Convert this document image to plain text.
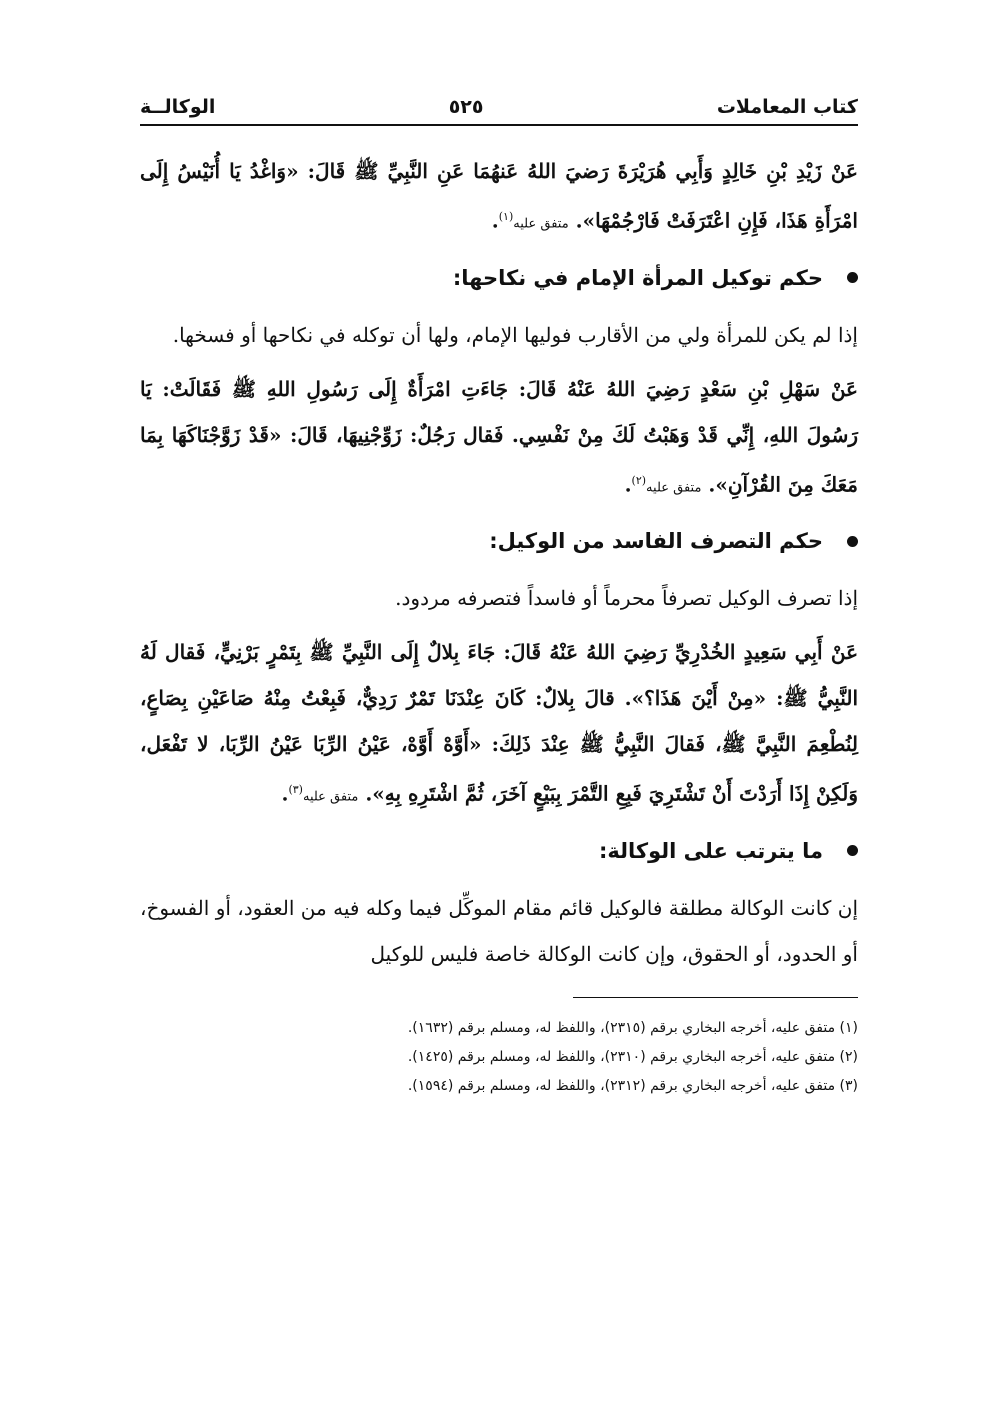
كتاب المعاملات
٥٢٥
الوكالــة

عَنْ زَيْدِ بْنِ خَالِدٍ وَأَبِي هُرَيْرَةَ رَضيَ اللهُ عَنهُمَا عَنِ النَّبِيِّ ﷺ قَالَ: «وَاغْدُ يَا أُنَيْسُ إِلَى امْرَأَةِ هَذَا، فَإِنِ اعْتَرَفَتْ فَارْجُمْهَا». متفق عليه$^{(١)}$.

حكم توكيل المرأة الإمام في نكاحها:

إذا لم يكن للمرأة ولي من الأقارب فوليها الإمام، ولها أن توكله في نكاحها أو فسخها.

عَنْ سَهْلِ بْنِ سَعْدٍ رَضِيَ اللهُ عَنْهُ قَالَ: جَاءَتِ امْرَأَةٌ إِلَى رَسُولِ اللهِ ﷺ فَقَالَتْ: يَا رَسُولَ اللهِ، إِنِّي قَدْ وَهَبْتُ لَكَ مِنْ نَفْسِي. فَقال رَجُلٌ: زَوِّجْنِيهَا، قَالَ: «قَدْ زَوَّجْنَاكَهَا بِمَا مَعَكَ مِنَ القُرْآنِ». متفق عليه$^{(٢)}$.

حكم التصرف الفاسد من الوكيل:

إذا تصرف الوكيل تصرفاً محرماً أو فاسداً فتصرفه مردود.

عَنْ أَبِي سَعِيدٍ الخُدْرِيِّ رَضِيَ اللهُ عَنْهُ قَالَ: جَاءَ بِلالٌ إِلَى النَّبِيِّ ﷺ بِتَمْرٍ بَرْنِيٍّ، فَقال لَهُ النَّبِيُّ ﷺ: «مِنْ أَيْنَ هَذَا؟». قالَ بِلالٌ: كَانَ عِنْدَنَا تَمْرٌ رَدِيٌّ، فَبِعْتُ مِنْهُ صَاعَيْنِ بِصَاعٍ، لِنُطْعِمَ النَّبِيَّ ﷺ، فَقالَ النَّبِيُّ ﷺ عِنْدَ ذَلِكَ: «أَوَّهْ أَوَّهْ، عَيْنُ الرِّبَا عَيْنُ الرِّبَا، لا تَفْعَل، وَلَكِنْ إِذَا أَرَدْتَ أَنْ تَشْتَرِيَ فَبِعِ التَّمْرَ بِبَيْعٍ آخَرَ، ثُمَّ اشْتَرِهِ بِهِ». متفق عليه$^{(٣)}$.

ما يترتب على الوكالة:

إن كانت الوكالة مطلقة فالوكيل قائم مقام الموكِّل فيما وكله فيه من العقود، أو الفسوخ، أو الحدود، أو الحقوق، وإن كانت الوكالة خاصة فليس للوكيل

(١) متفق عليه، أخرجه البخاري برقم (٢٣١٥)، واللفظ له، ومسلم برقم (١٦٣٢).
(٢) متفق عليه، أخرجه البخاري برقم (٢٣١٠)، واللفظ له، ومسلم برقم (١٤٢٥).
(٣) متفق عليه، أخرجه البخاري برقم (٢٣١٢)، واللفظ له، ومسلم برقم (١٥٩٤).
